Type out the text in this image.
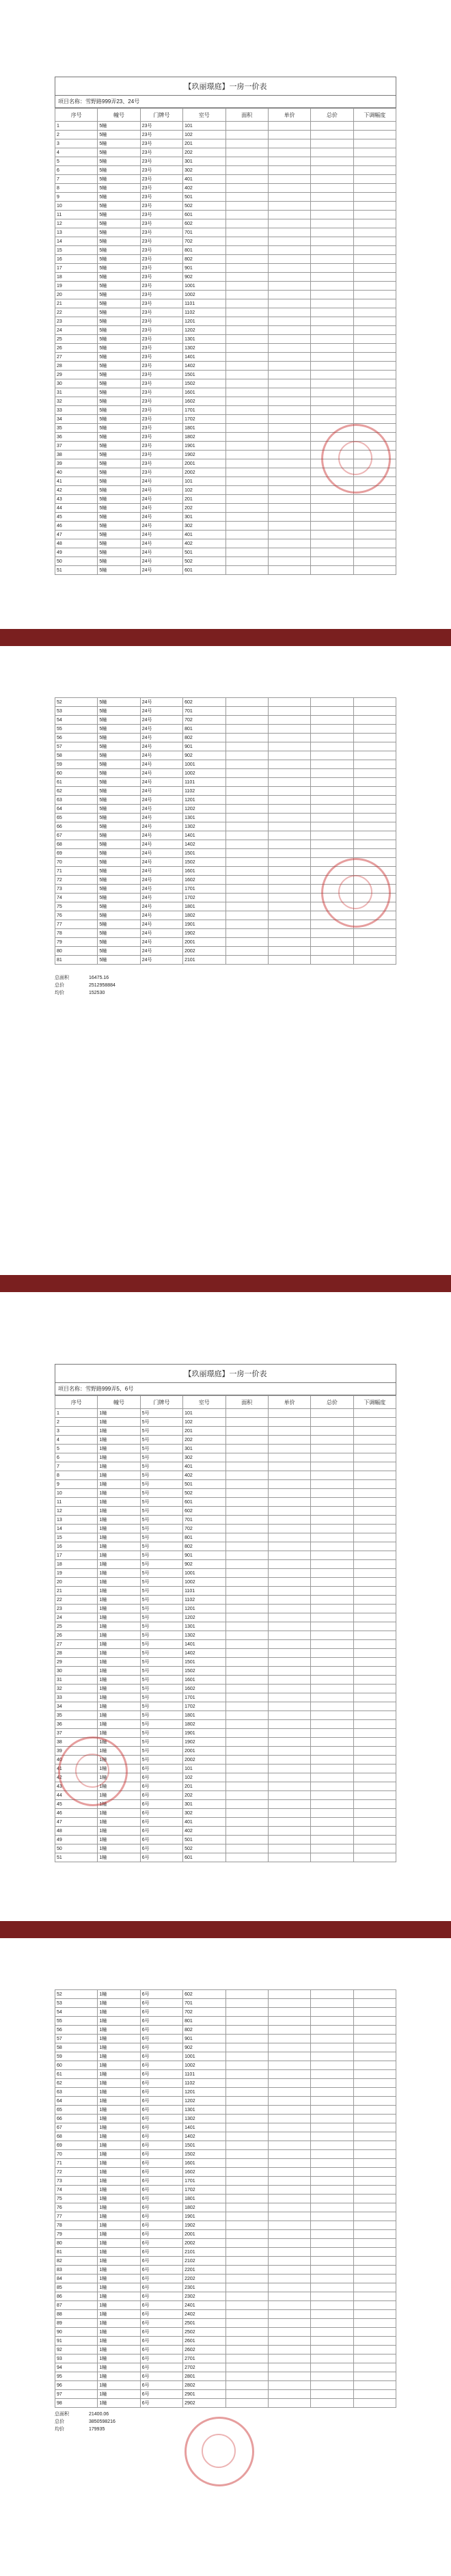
【玖丽璟庭】一房一价表
项目名称：雪野路999弄23、24号
序号	幢号	门牌号	室号	面积	单价	总价	下调幅度
1	5幢	23号	101				
2	5幢	23号	102				
3	5幢	23号	201				
4	5幢	23号	202				
5	5幢	23号	301				
6	5幢	23号	302				
7	5幢	23号	401				
8	5幢	23号	402				
9	5幢	23号	501				
10	5幢	23号	502				
11	5幢	23号	601				
12	5幢	23号	602				
13	5幢	23号	701				
14	5幢	23号	702				
15	5幢	23号	801				
16	5幢	23号	802				
17	5幢	23号	901				
18	5幢	23号	902				
19	5幢	23号	1001				
20	5幢	23号	1002				
21	5幢	23号	1101				
22	5幢	23号	1102				
23	5幢	23号	1201				
24	5幢	23号	1202				
25	5幢	23号	1301				
26	5幢	23号	1302				
27	5幢	23号	1401				
28	5幢	23号	1402				
29	5幢	23号	1501				
30	5幢	23号	1502				
31	5幢	23号	1601				
32	5幢	23号	1602				
33	5幢	23号	1701				
34	5幢	23号	1702				
35	5幢	23号	1801				
36	5幢	23号	1802				
37	5幢	23号	1901				
38	5幢	23号	1902				
39	5幢	23号	2001				
40	5幢	23号	2002				
41	5幢	24号	101				
42	5幢	24号	102				
43	5幢	24号	201				
44	5幢	24号	202				
45	5幢	24号	301				
46	5幢	24号	302				
47	5幢	24号	401				
48	5幢	24号	402				
49	5幢	24号	501				
50	5幢	24号	502				
51	5幢	24号	601				
52	5幢	24号	602				
53	5幢	24号	701				
54	5幢	24号	702				
55	5幢	24号	801				
56	5幢	24号	802				
57	5幢	24号	901				
58	5幢	24号	902				
59	5幢	24号	1001				
60	5幢	24号	1002				
61	5幢	24号	1101				
62	5幢	24号	1102				
63	5幢	24号	1201				
64	5幢	24号	1202				
65	5幢	24号	1301				
66	5幢	24号	1302				
67	5幢	24号	1401				
68	5幢	24号	1402				
69	5幢	24号	1501				
70	5幢	24号	1502				
71	5幢	24号	1601				
72	5幢	24号	1602				
73	5幢	24号	1701				
74	5幢	24号	1702				
75	5幢	24号	1801				
76	5幢	24号	1802				
77	5幢	24号	1901				
78	5幢	24号	1902				
79	5幢	24号	2001				
80	5幢	24号	2002				
81	5幢	24号	2101				
总面积	16475.16
总价	2512958884
均价	152530
【玖丽璟庭】一房一价表
项目名称：雪野路999弄5、6号
序号	幢号	门牌号	室号	面积	单价	总价	下调幅度
1	1幢	5号	101				
2	1幢	5号	102				
3	1幢	5号	201				
4	1幢	5号	202				
5	1幢	5号	301				
6	1幢	5号	302				
7	1幢	5号	401				
8	1幢	5号	402				
9	1幢	5号	501				
10	1幢	5号	502				
11	1幢	5号	601				
12	1幢	5号	602				
13	1幢	5号	701				
14	1幢	5号	702				
15	1幢	5号	801				
16	1幢	5号	802				
17	1幢	5号	901				
18	1幢	5号	902				
19	1幢	5号	1001				
20	1幢	5号	1002				
21	1幢	5号	1101				
22	1幢	5号	1102				
23	1幢	5号	1201				
24	1幢	5号	1202				
25	1幢	5号	1301				
26	1幢	5号	1302				
27	1幢	5号	1401				
28	1幢	5号	1402				
29	1幢	5号	1501				
30	1幢	5号	1502				
31	1幢	5号	1601				
32	1幢	5号	1602				
33	1幢	5号	1701				
34	1幢	5号	1702				
35	1幢	5号	1801				
36	1幢	5号	1802				
37	1幢	5号	1901				
38	1幢	5号	1902				
39	1幢	5号	2001				
40	1幢	5号	2002				
41	1幢	6号	101				
42	1幢	6号	102				
43	1幢	6号	201				
44	1幢	6号	202				
45	1幢	6号	301				
46	1幢	6号	302				
47	1幢	6号	401				
48	1幢	6号	402				
49	1幢	6号	501				
50	1幢	6号	502				
51	1幢	6号	601				
52	1幢	6号	602				
53	1幢	6号	701				
54	1幢	6号	702				
55	1幢	6号	801				
56	1幢	6号	802				
57	1幢	6号	901				
58	1幢	6号	902				
59	1幢	6号	1001				
60	1幢	6号	1002				
61	1幢	6号	1101				
62	1幢	6号	1102				
63	1幢	6号	1201				
64	1幢	6号	1202				
65	1幢	6号	1301				
66	1幢	6号	1302				
67	1幢	6号	1401				
68	1幢	6号	1402				
69	1幢	6号	1501				
70	1幢	6号	1502				
71	1幢	6号	1601				
72	1幢	6号	1602				
73	1幢	6号	1701				
74	1幢	6号	1702				
75	1幢	6号	1801				
76	1幢	6号	1802				
77	1幢	6号	1901				
78	1幢	6号	1902				
79	1幢	6号	2001				
80	1幢	6号	2002				
81	1幢	6号	2101				
82	1幢	6号	2102				
83	1幢	6号	2201				
84	1幢	6号	2202				
85	1幢	6号	2301				
86	1幢	6号	2302				
87	1幢	6号	2401				
88	1幢	6号	2402				
89	1幢	6号	2501				
90	1幢	6号	2502				
91	1幢	6号	2601				
92	1幢	6号	2602				
93	1幢	6号	2701				
94	1幢	6号	2702				
95	1幢	6号	2801				
96	1幢	6号	2802				
97	1幢	6号	2901				
98	1幢	6号	2902				
总面积	21400.06
总价	3850598216
均价	179935
